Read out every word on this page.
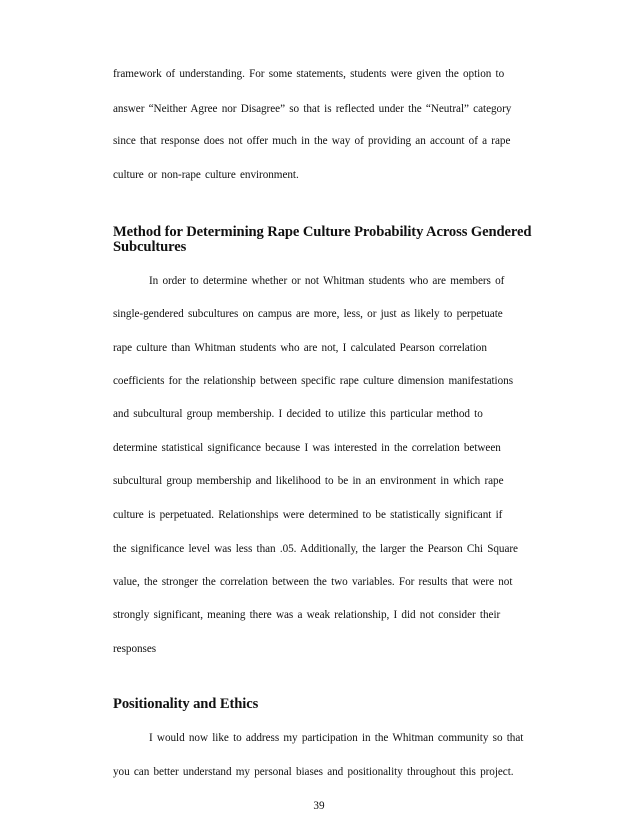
framework of understanding. For some statements, students were given the option to
answer “Neither Agree nor Disagree” so that is reflected under the “Neutral” category
since that response does not offer much in the way of providing an account of a rape
culture or non-rape culture environment.
Method for Determining Rape Culture Probability Across Gendered
Subcultures
In order to determine whether or not Whitman students who are members of
single-gendered subcultures on campus are more, less, or just as likely to perpetuate
rape culture than Whitman students who are not, I calculated Pearson correlation
coefficients for the relationship between specific rape culture dimension manifestations
and subcultural group membership. I decided to utilize this particular method to
determine statistical significance because I was interested in the correlation between
subcultural group membership and likelihood to be in an environment in which rape
culture is perpetuated. Relationships were determined to be statistically significant if
the significance level was less than .05. Additionally, the larger the Pearson Chi Square
value, the stronger the correlation between the two variables. For results that were not
strongly significant, meaning there was a weak relationship, I did not consider their
responses
Positionality and Ethics
I would now like to address my participation in the Whitman community so that
you can better understand my personal biases and positionality throughout this project.
39
